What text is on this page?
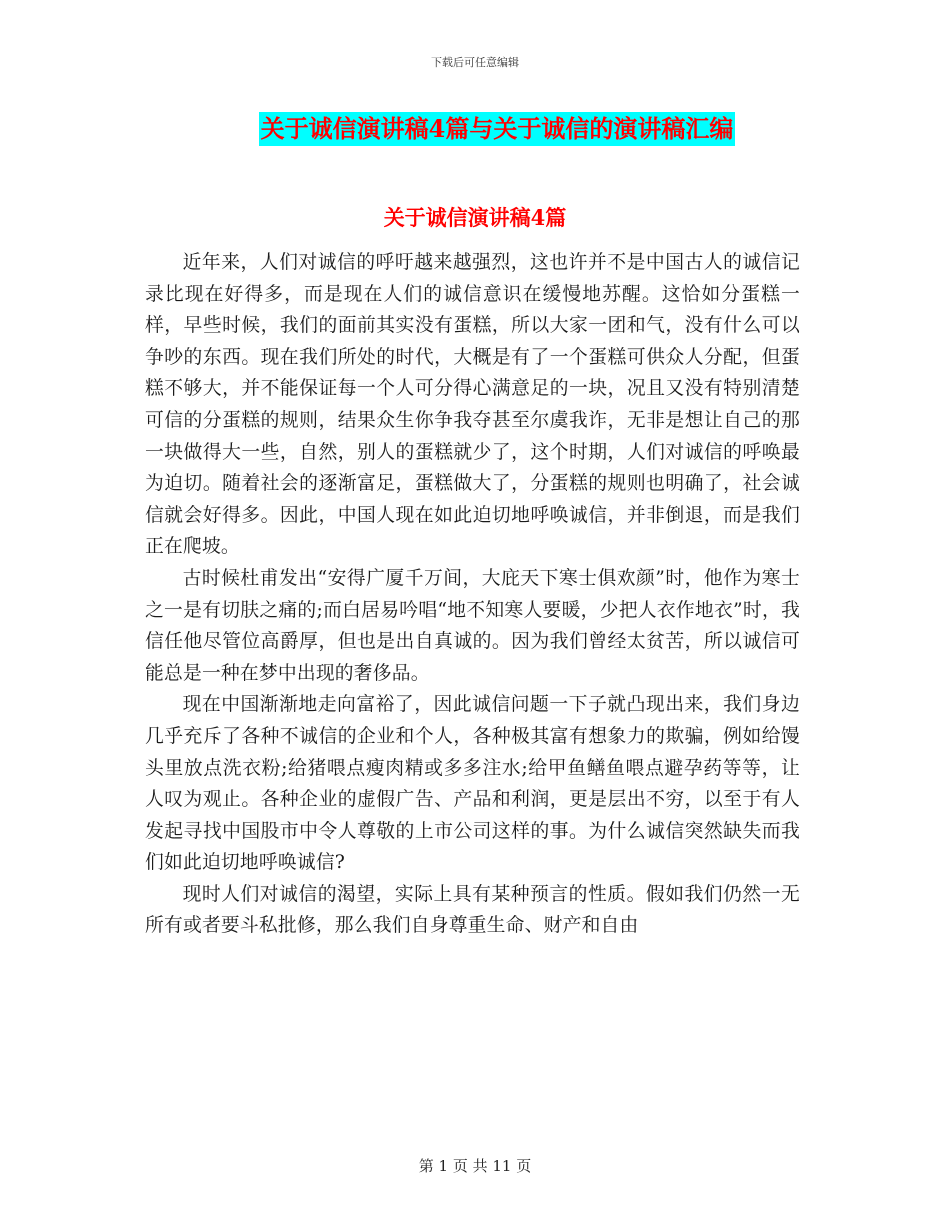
下载后可任意编辑
关于诚信演讲稿4篇与关于诚信的演讲稿汇编
关于诚信演讲稿4篇

近年来，人们对诚信的呼吁越来越强烈，这也许并不是中国古人的诚信记录比现在好得多，而是现在人们的诚信意识在缓慢地苏醒。这恰如分蛋糕一样，早些时候，我们的面前其实没有蛋糕，所以大家一团和气，没有什么可以争吵的东西。现在我们所处的时代，大概是有了一个蛋糕可供众人分配，但蛋糕不够大，并不能保证每一个人可分得心满意足的一块，况且又没有特别清楚可信的分蛋糕的规则，结果众生你争我夺甚至尔虞我诈，无非是想让自己的那一块做得大一些，自然，别人的蛋糕就少了，这个时期，人们对诚信的呼唤最为迫切。随着社会的逐渐富足，蛋糕做大了，分蛋糕的规则也明确了，社会诚信就会好得多。因此，中国人现在如此迫切地呼唤诚信，并非倒退，而是我们正在爬坡。

古时候杜甫发出“安得广厦千万间，大庇天下寒士俱欢颜”时，他作为寒士之一是有切肤之痛的;而白居易吟唱“地不知寒人要暖，少把人衣作地衣”时，我信任他尽管位高爵厚，但也是出自真诚的。因为我们曾经太贫苦，所以诚信可能总是一种在梦中出现的奢侈品。

现在中国渐渐地走向富裕了，因此诚信问题一下子就凸现出来，我们身边几乎充斥了各种不诚信的企业和个人，各种极其富有想象力的欺骗，例如给馒头里放点洗衣粉;给猪喂点瘦肉精或多多注水;给甲鱼鳝鱼喂点避孕药等等，让人叹为观止。各种企业的虚假广告、产品和利润，更是层出不穷，以至于有人发起寻找中国股市中令人尊敬的上市公司这样的事。为什么诚信突然缺失而我们如此迫切地呼唤诚信?

现时人们对诚信的渴望，实际上具有某种预言的性质。假如我们仍然一无所有或者要斗私批修，那么我们自身尊重生命、财产和自由

第 1 页 共 11 页
